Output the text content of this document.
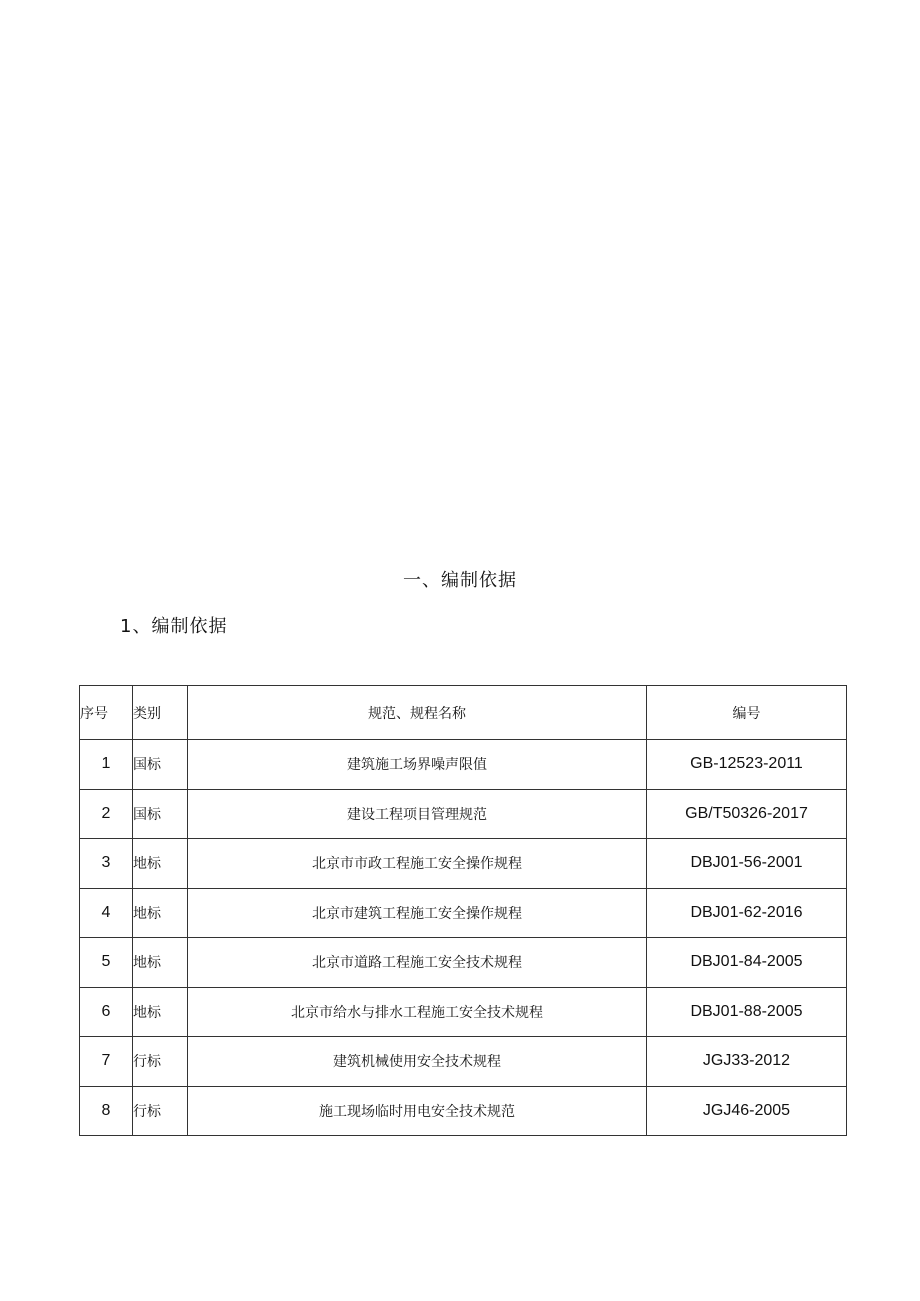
一、编制依据
1、编制依据
序号	类别	规范、规程名称	编号
1	国标	建筑施工场界噪声限值	GB-12523-2011
2	国标	建设工程项目管理规范	GB/T50326-2017
3	地标	北京市市政工程施工安全操作规程	DBJ01-56-2001
4	地标	北京市建筑工程施工安全操作规程	DBJ01-62-2016
5	地标	北京市道路工程施工安全技术规程	DBJ01-84-2005
6	地标	北京市给水与排水工程施工安全技术规程	DBJ01-88-2005
7	行标	建筑机械使用安全技术规程	JGJ33-2012
8	行标	施工现场临时用电安全技术规范	JGJ46-2005
